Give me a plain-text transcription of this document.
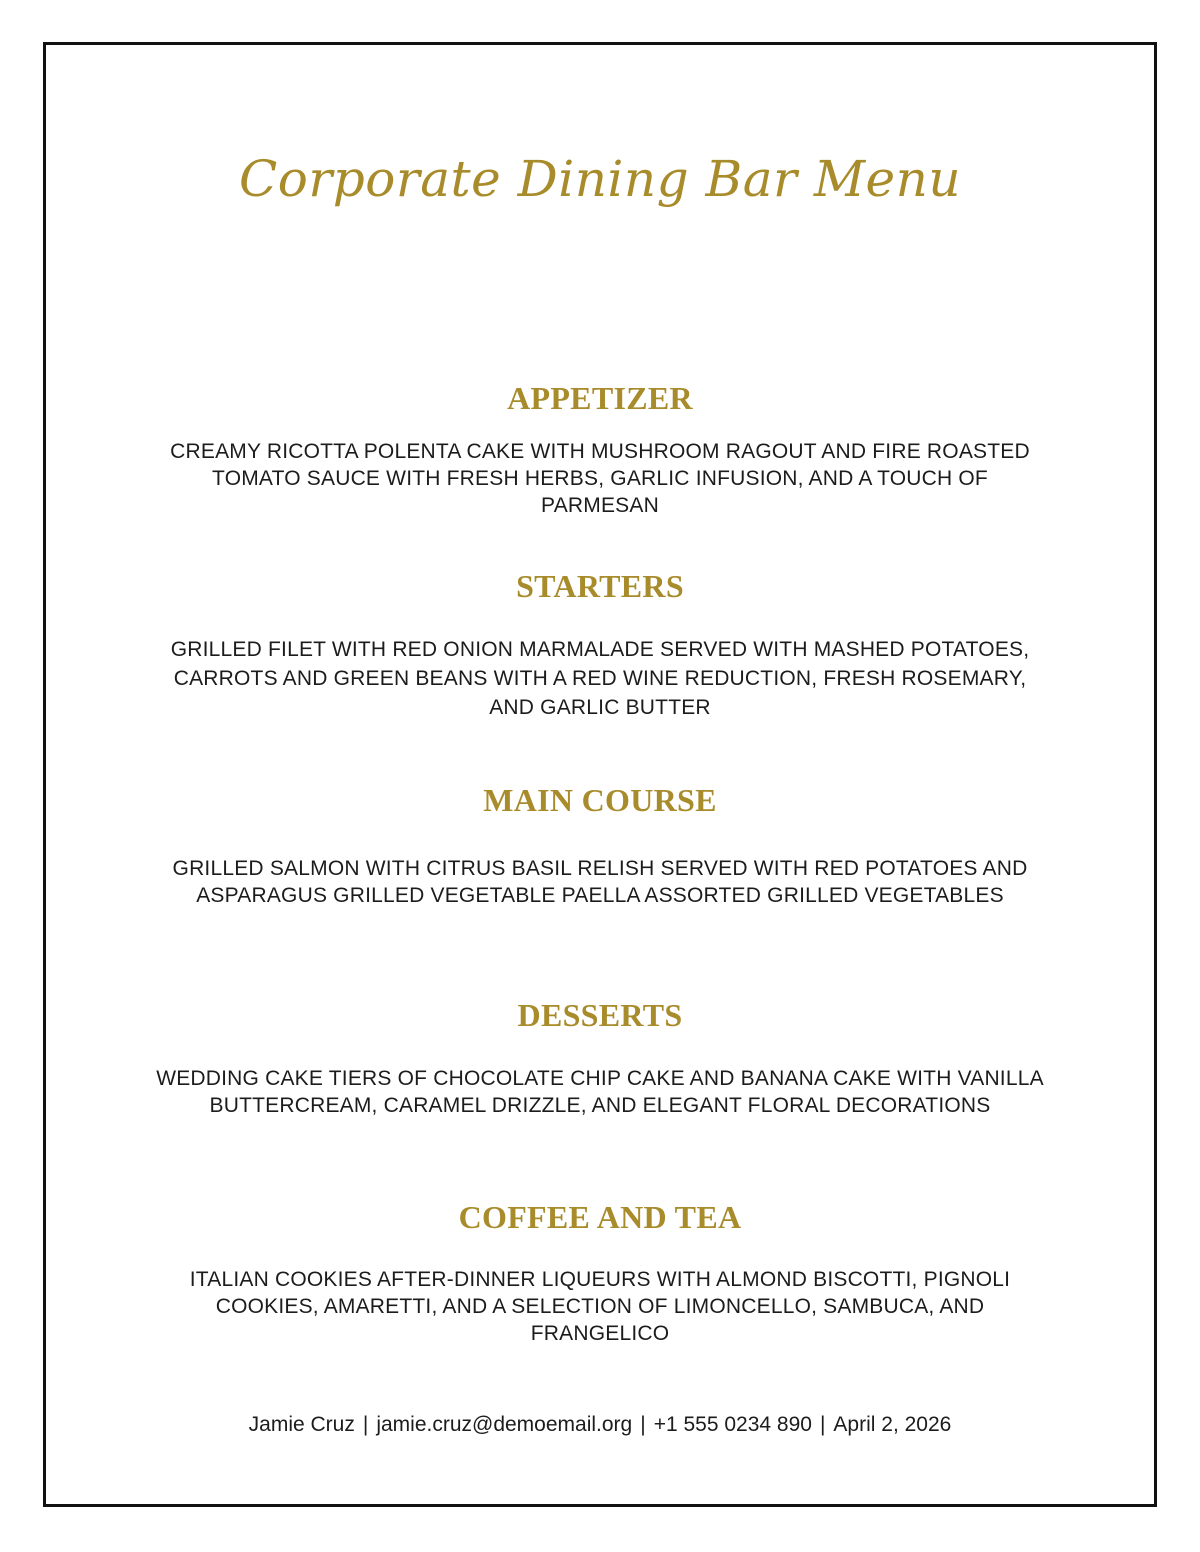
Corporate Dining Bar Menu
APPETIZER
CREAMY RICOTTA POLENTA CAKE WITH MUSHROOM RAGOUT AND FIRE ROASTED TOMATO SAUCE WITH FRESH HERBS, GARLIC INFUSION, AND A TOUCH OF PARMESAN
STARTERS
GRILLED FILET WITH RED ONION MARMALADE SERVED WITH MASHED POTATOES, CARROTS AND GREEN BEANS WITH A RED WINE REDUCTION, FRESH ROSEMARY, AND GARLIC BUTTER
MAIN COURSE
GRILLED SALMON WITH CITRUS BASIL RELISH SERVED WITH RED POTATOES AND ASPARAGUS GRILLED VEGETABLE PAELLA ASSORTED GRILLED VEGETABLES
DESSERTS
WEDDING CAKE TIERS OF CHOCOLATE CHIP CAKE AND BANANA CAKE WITH VANILLA BUTTERCREAM, CARAMEL DRIZZLE, AND ELEGANT FLORAL DECORATIONS
COFFEE AND TEA
ITALIAN COOKIES AFTER-DINNER LIQUEURS WITH ALMOND BISCOTTI, PIGNOLI COOKIES, AMARETTI, AND A SELECTION OF LIMONCELLO, SAMBUCA, AND FRANGELICO
Jamie Cruz | jamie.cruz@demoemail.org | +1 555 0234 890 | April 2, 2026
